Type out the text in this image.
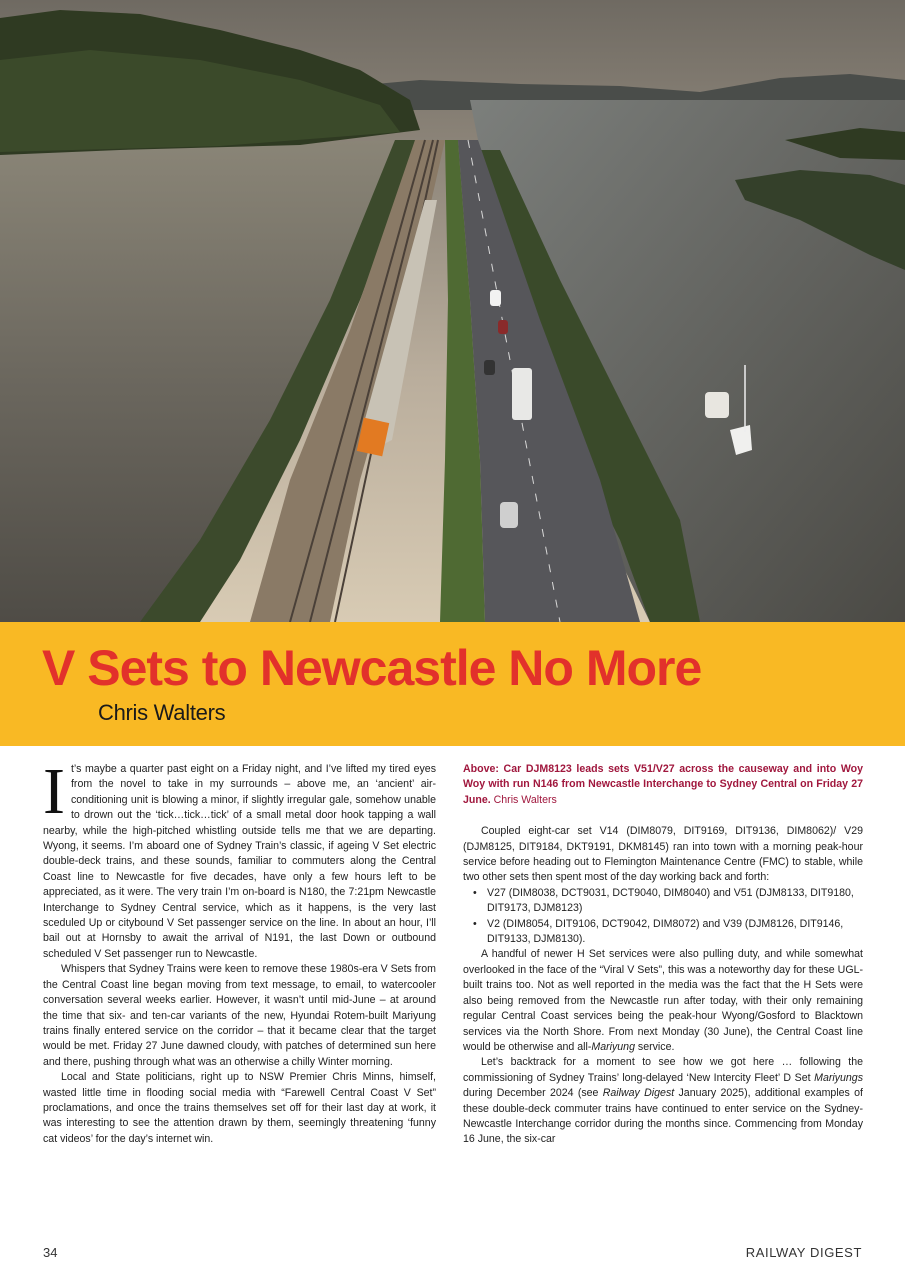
V Sets to Newcastle No More
Chris Walters

It’s maybe a quarter past eight on a Friday night, and I’ve lifted my tired eyes from the novel to take in my surrounds – above me, an ‘ancient’ air-conditioning unit is blowing a minor, if slightly irregular gale, somehow unable to drown out the ‘tick…tick…tick’ of a small metal door hook tapping a wall nearby, while the high-pitched whistling outside tells me that we are departing. Wyong, it seems. I’m aboard one of Sydney Train’s classic, if ageing V Set electric double-deck trains, and these sounds, familiar to commuters along the Central Coast line to Newcastle for five decades, have only a few hours left to be appreciated, as it were. The very train I’m on-board is N180, the 7:21pm Newcastle Interchange to Sydney Central service, which as it happens, is the very last sceduled Up or citybound V Set passenger service on the line. In about an hour, I’ll bail out at Hornsby to await the arrival of N191, the last Down or outbound scheduled V Set passenger run to Newcastle.

Whispers that Sydney Trains were keen to remove these 1980s-era V Sets from the Central Coast line began moving from text message, to email, to watercooler conversation several weeks earlier. However, it wasn’t until mid-June – at around the time that six- and ten-car variants of the new, Hyundai Rotem-built Mariyung trains finally entered service on the corridor – that it became clear that the target would be met. Friday 27 June dawned cloudy, with patches of determined sun here and there, pushing through what was an otherwise a chilly Winter morning.

Local and State politicians, right up to NSW Premier Chris Minns, himself, wasted little time in flooding social media with “Farewell Central Coast V Set” proclamations, and once the trains themselves set off for their last day at work, it was interesting to see the attention drawn by them, seemingly threatening ‘funny cat videos’ for the day’s internet win.

Above: Car DJM8123 leads sets V51/V27 across the causeway and into Woy Woy with run N146 from Newcastle Interchange to Sydney Central on Friday 27 June. Chris Walters

Coupled eight-car set V14 (DIM8079, DIT9169, DIT9136, DIM8062)/ V29 (DJM8125, DIT9184, DKT9191, DKM8145) ran into town with a morning peak-hour service before heading out to Flemington Maintenance Centre (FMC) to stable, while two other sets then spent most of the day working back and forth:

• V27 (DIM8038, DCT9031, DCT9040, DIM8040) and V51 (DJM8133, DIT9180, DIT9173, DJM8123)
• V2 (DIM8054, DIT9106, DCT9042, DIM8072) and V39 (DJM8126, DIT9146, DIT9133, DJM8130).

A handful of newer H Set services were also pulling duty, and while somewhat overlooked in the face of the “Viral V Sets”, this was a noteworthy day for these UGL-built trains too. Not as well reported in the media was the fact that the H Sets were also being removed from the Newcastle run after today, with their only remaining regular Central Coast services being the peak-hour Wyong/Gosford to Blacktown services via the North Shore. From next Monday (30 June), the Central Coast line would be otherwise and all-Mariyung service.

Let’s backtrack for a moment to see how we got here … following the commissioning of Sydney Trains’ long-delayed ‘New Intercity Fleet’ D Set Mariyungs during December 2024 (see Railway Digest January 2025), additional examples of these double-deck commuter trains have continued to enter service on the Sydney-Newcastle Interchange corridor during the months since. Commencing from Monday 16 June, the six-car

34	RAILWAY DIGEST
